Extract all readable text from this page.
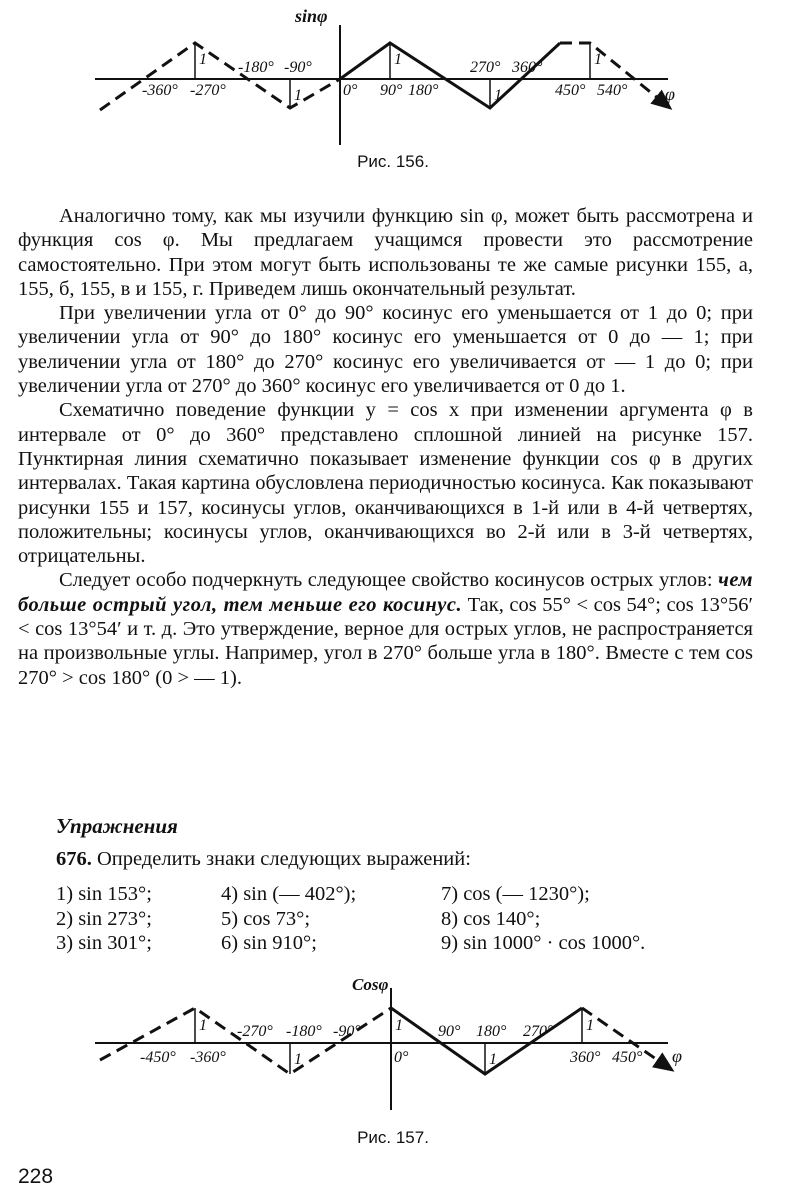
sinφ
φ
-360° -270°
-180° -90°
0° 90° 180°
270° 360°
450° 540°
1
1
1
1
1
Рис. 156.

Аналогично тому, как мы изучили функцию sin φ, может быть рассмотрена и функция cos φ. Мы предлагаем учащимся провести это рассмотрение самостоятельно. При этом могут быть использованы те же самые рисунки 155, а, 155, б, 155, в и 155, г. Приведем лишь окончательный результат.

При увеличении угла от 0° до 90° косинус его уменьшается от 1 до 0; при увеличении угла от 90° до 180° косинус его уменьшается от 0 до — 1; при увеличении угла от 180° до 270° косинус его увеличивается от — 1 до 0; при увеличении угла от 270° до 360° косинус его увеличивается от 0 до 1.

Схематично поведение функции y = cos x при изменении аргумента φ в интервале от 0° до 360° представлено сплошной линией на рисунке 157. Пунктирная линия схематично показывает изменение функции cos φ в других интервалах. Такая картина обусловлена периодичностью косинуса. Как показывают рисунки 155 и 157, косинусы углов, оканчивающихся в 1-й или в 4-й четвертях, положительны; косинусы углов, оканчивающихся во 2-й или в 3-й четвертях, отрицательны.

Следует особо подчеркнуть следующее свойство косинусов острых углов: чем больше острый угол, тем меньше его косинус. Так, cos 55° < cos 54°; cos 13°56′ < cos 13°54′ и т. д. Это утверждение, верное для острых углов, не распространяется на произвольные углы. Например, угол в 270° больше угла в 180°. Вместе с тем cos 270° > cos 180° (0 > — 1).

Упражнения
676. Определить знаки следующих выражений:
1) sin 153°;
2) sin 273°;
3) sin 301°;
4) sin (— 402°);
5) cos 73°;
6) sin 910°;
7) cos (— 1230°);
8) cos 140°;
9) sin 1000° · cos 1000°.
Cosφ
φ
-450° -360°
-270° -180° -90°
0°
90° 180° 270°
360° 450°
1
1
1
1
1
Рис. 157.
228
